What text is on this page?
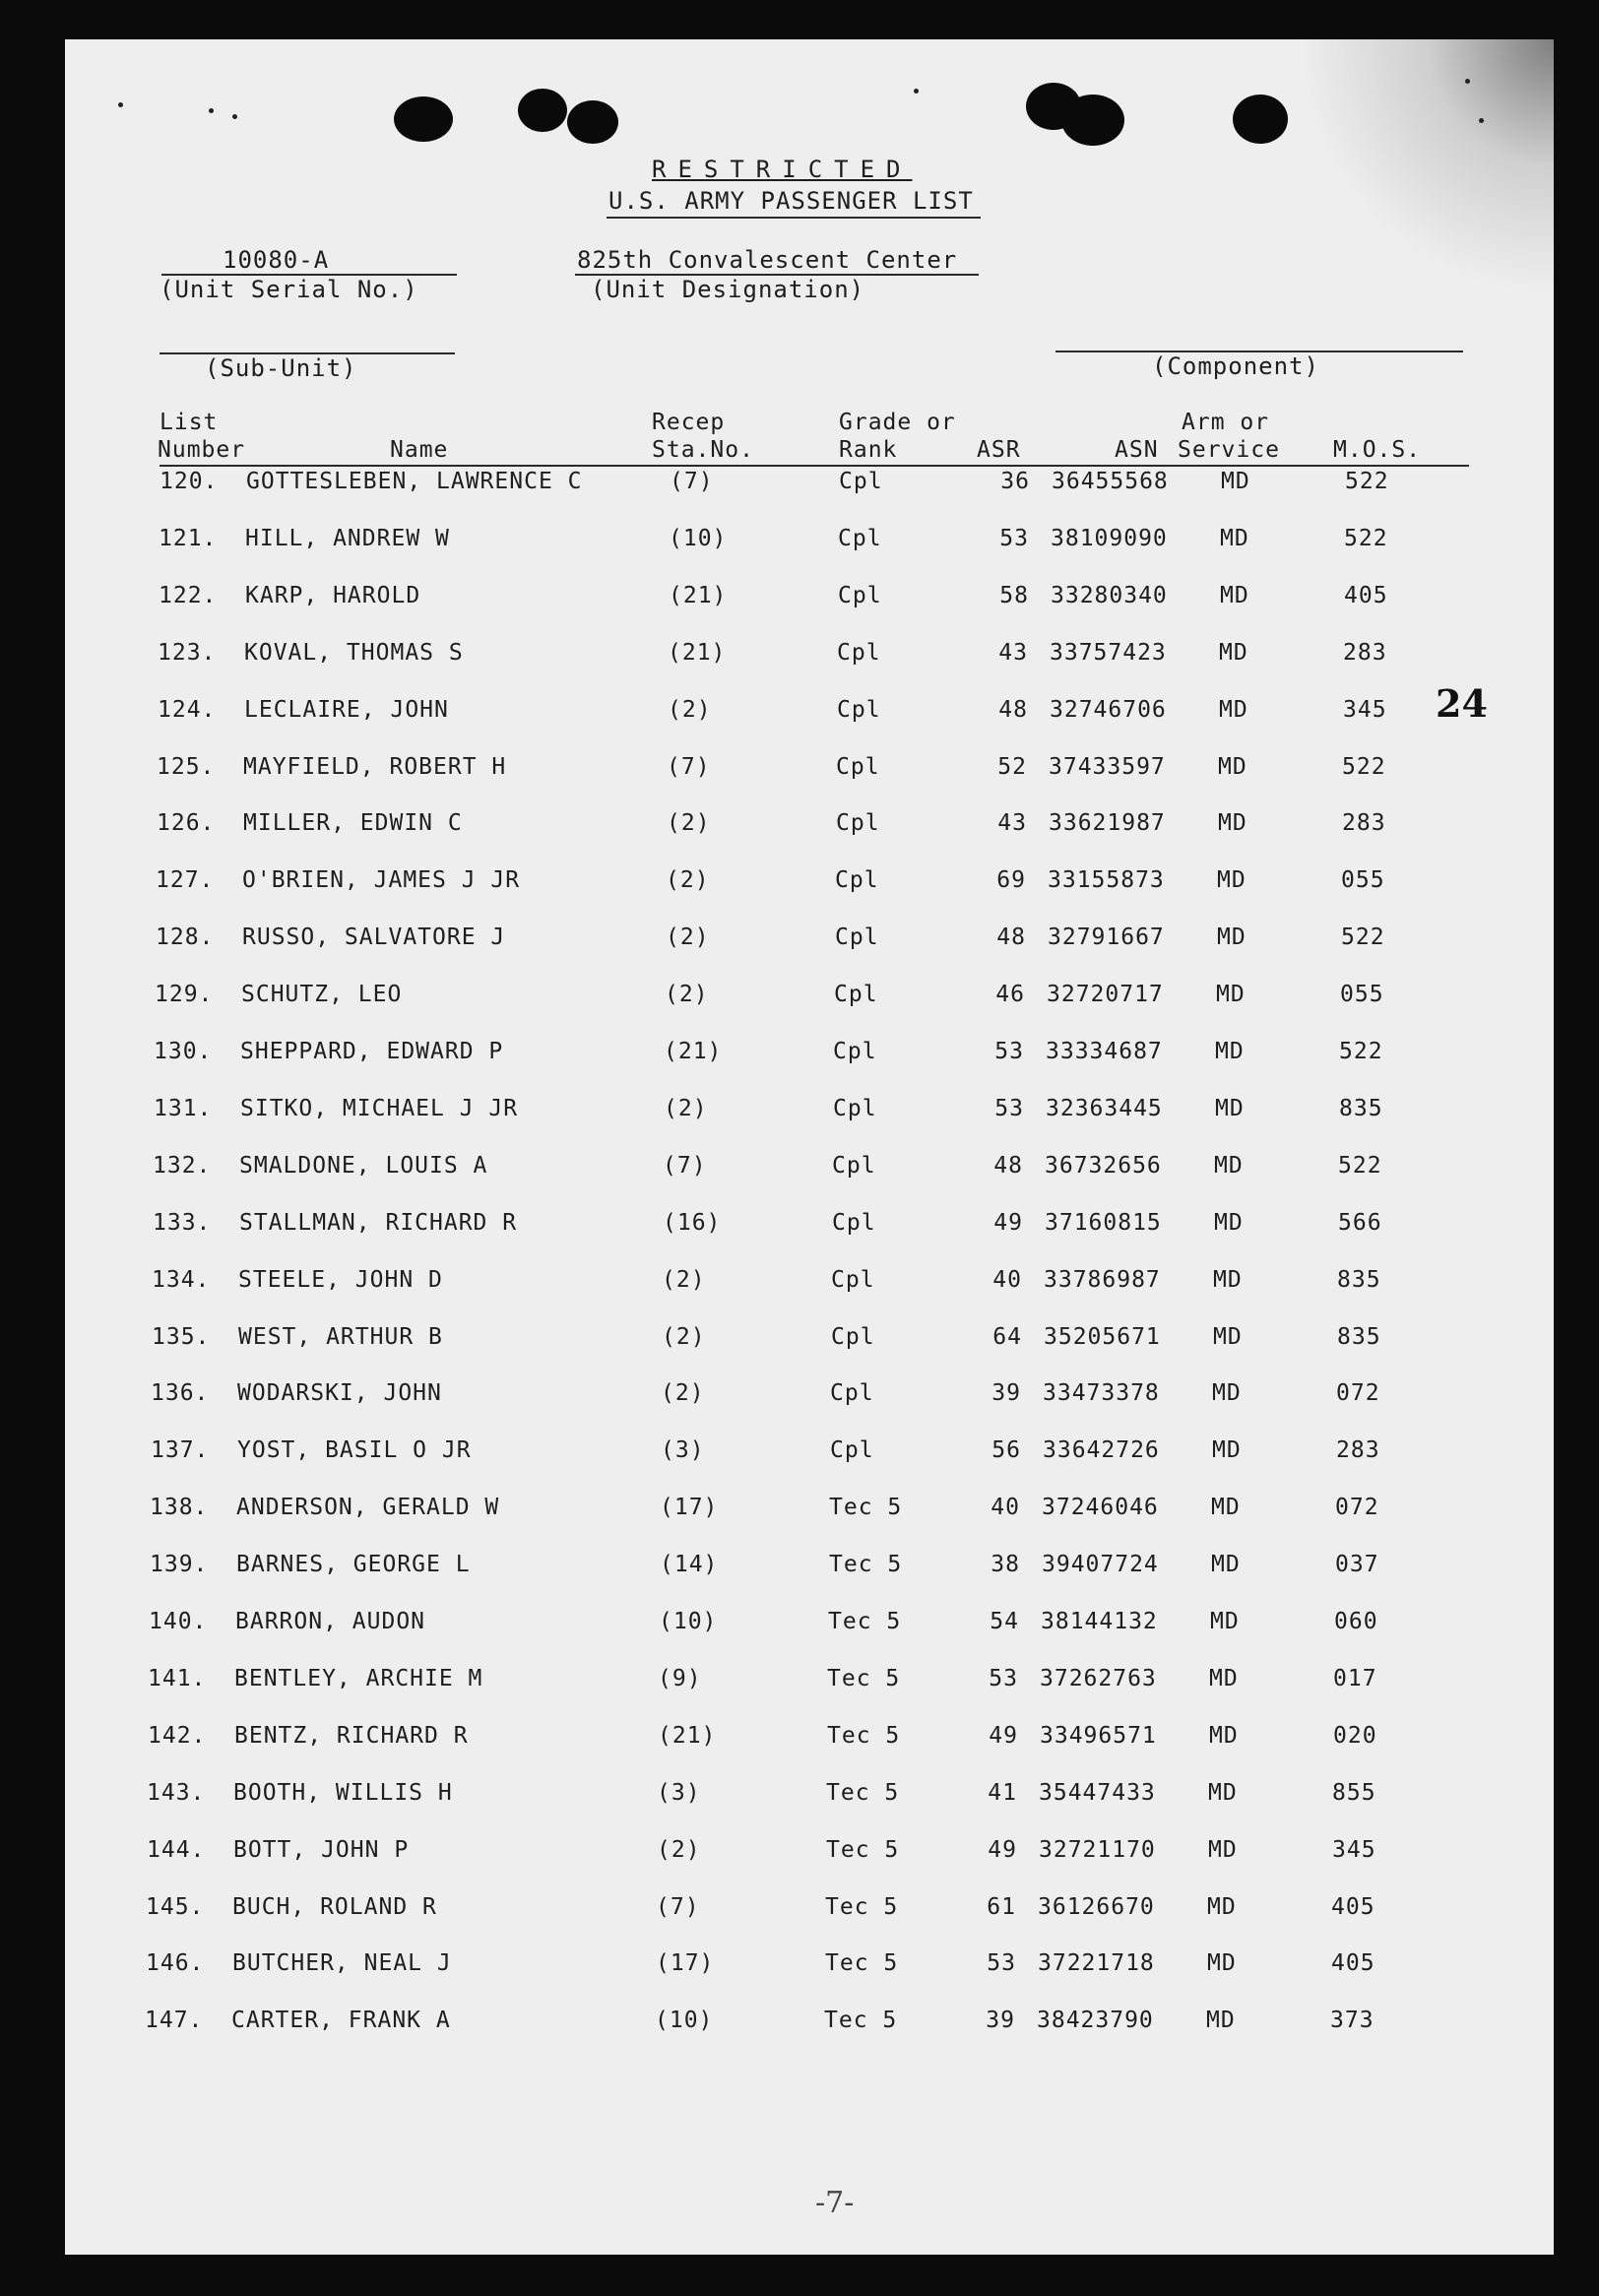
RESTRICTED
U.S. ARMY PASSENGER LIST
10080-A
(Unit Serial No.)
825th Convalescent Center
(Unit Designation)
(Sub-Unit)	(Component)
List
Number	Name
Recep
Sta.No.
Grade or
Rank	ASR	ASN
Arm or
Service M.O.S.
24
120. GOTTESLEBEN, LAWRENCE C	(7)	Cpl	36 36455568 MD	522
121. HILL, ANDREW W	(10)	Cpl	53 38109090 MD	522
122. KARP, HAROLD	(21)	Cpl	58 33280340 MD	405
123. KOVAL, THOMAS S	(21)	Cpl	43 33757423 MD	283
124. LECLAIRE, JOHN	(2)	Cpl	48 32746706 MD	345
125. MAYFIELD, ROBERT H	(7)	Cpl	52 37433597 MD	522
126. MILLER, EDWIN C	(2)	Cpl	43 33621987 MD	283
127. O'BRIEN, JAMES J JR	(2)	Cpl	69 33155873 MD	055
128. RUSSO, SALVATORE J	(2)	Cpl	48 32791667 MD	522
129. SCHUTZ, LEO	(2)	Cpl	46 32720717 MD	055
130. SHEPPARD, EDWARD P	(21)	Cpl	53 33334687 MD	522
131. SITKO, MICHAEL J JR	(2)	Cpl	53 32363445 MD	835
132. SMALDONE, LOUIS A	(7)	Cpl	48 36732656 MD	522
133. STALLMAN, RICHARD R	(16)	Cpl	49 37160815 MD	566
134. STEELE, JOHN D	(2)	Cpl	40 33786987 MD	835
135. WEST, ARTHUR B	(2)	Cpl	64 35205671 MD	835
136. WODARSKI, JOHN	(2)	Cpl	39 33473378 MD	072
137. YOST, BASIL O JR	(3)	Cpl	56 33642726 MD	283
138. ANDERSON, GERALD W	(17)	Tec 5	40 37246046 MD	072
139. BARNES, GEORGE L	(14)	Tec 5	38 39407724 MD	037
140. BARRON, AUDON	(10)	Tec 5	54 38144132 MD	060
141. BENTLEY, ARCHIE M	(9)	Tec 5	53 37262763 MD	017
142. BENTZ, RICHARD R	(21)	Tec 5	49 33496571 MD	020
143. BOOTH, WILLIS H	(3)	Tec 5	41 35447433 MD	855
144. BOTT, JOHN P	(2)	Tec 5	49 32721170 MD	345
145. BUCH, ROLAND R	(7)	Tec 5	61 36126670 MD	405
146. BUTCHER, NEAL J	(17)	Tec 5	53 37221718 MD	405
147. CARTER, FRANK A	(10)	Tec 5	39 38423790 MD	373
-7-
